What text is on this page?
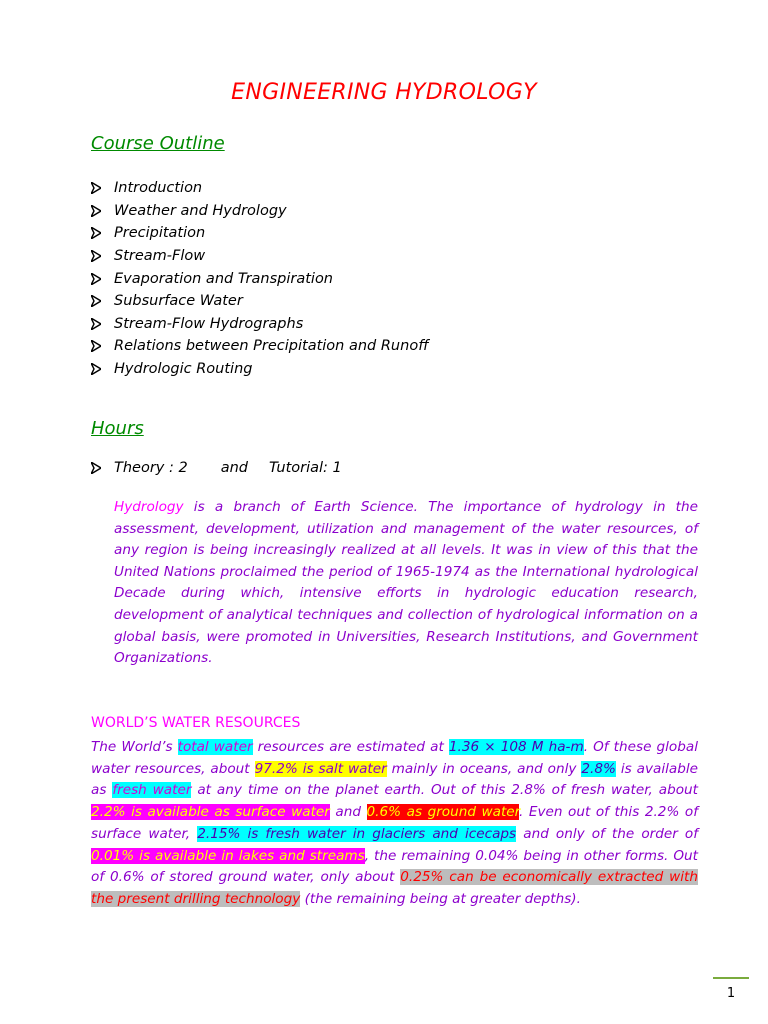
ENGINEERING HYDROLOGY
Course Outline
Introduction
Weather and Hydrology
Precipitation
Stream-Flow
Evaporation and Transpiration
Subsurface Water
Stream-Flow Hydrographs
Relations between Precipitation and Runoff
Hydrologic Routing
Hours
Theory : 2 and Tutorial: 1
Hydrology is a branch of Earth Science. The importance of hydrology in the assessment, development, utilization and management of the water resources, of any region is being increasingly realized at all levels. It was in view of this that the United Nations proclaimed the period of 1965-1974 as the International hydrological Decade during which, intensive efforts in hydrologic education research, development of analytical techniques and collection of hydrological information on a global basis, were promoted in Universities, Research Institutions, and Government Organizations.
WORLD’S WATER RESOURCES
The World’s total water resources are estimated at 1.36 × 108 M ha-m. Of these global water resources, about 97.2% is salt water mainly in oceans, and only 2.8% is available as fresh water at any time on the planet earth. Out of this 2.8% of fresh water, about 2.2% is available as surface water and 0.6% as ground water. Even out of this 2.2% of surface water, 2.15% is fresh water in glaciers and icecaps and only of the order of 0.01% is available in lakes and streams, the remaining 0.04% being in other forms. Out of 0.6% of stored ground water, only about 0.25% can be economically extracted with the present drilling technology (the remaining being at greater depths).
1
